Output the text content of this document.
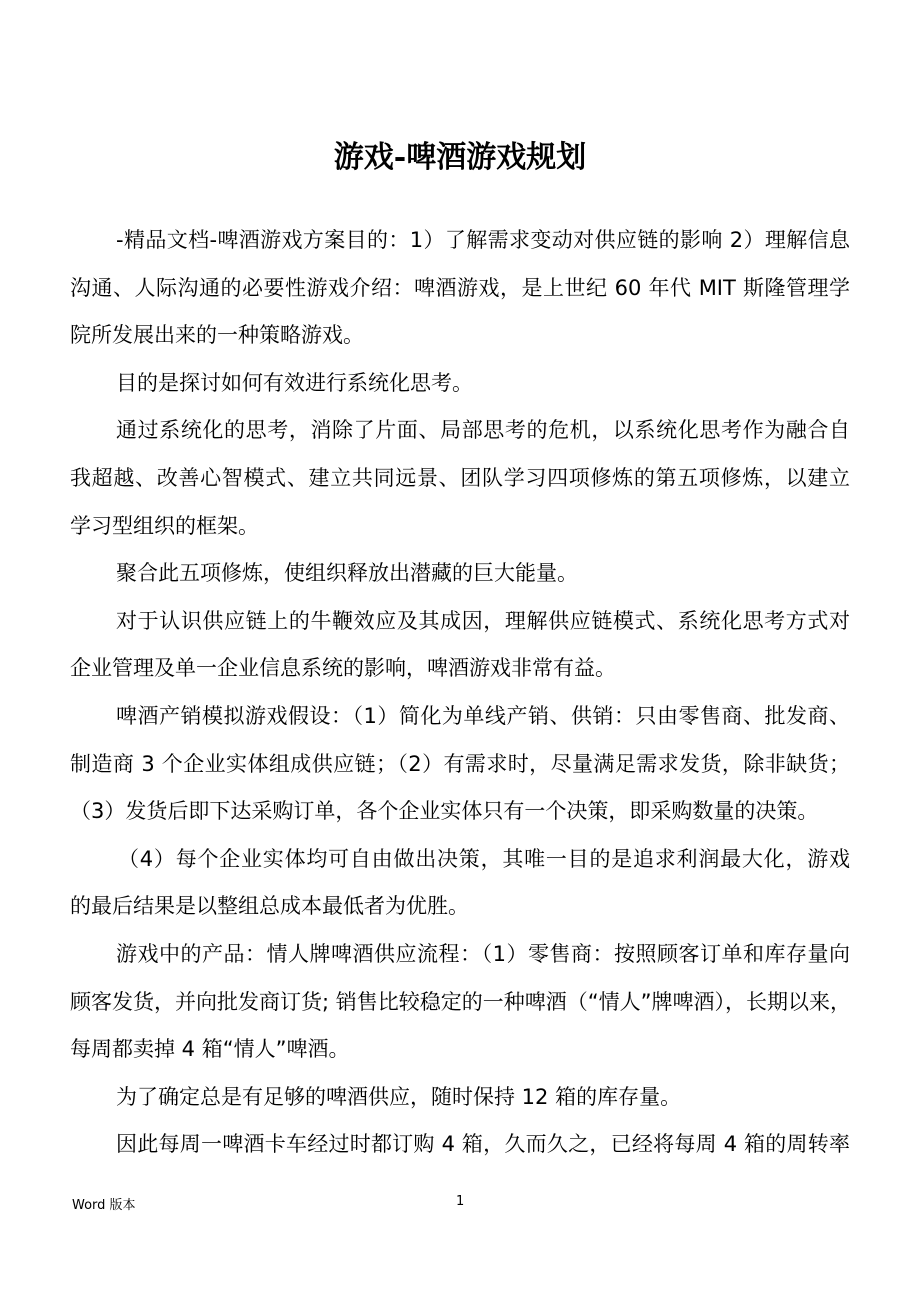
游戏-啤酒游戏规划
-精品文档-啤酒游戏方案目的：1）了解需求变动对供应链的影响 2）理解信息
沟通、人际沟通的必要性游戏介绍：啤酒游戏，是上世纪 60 年代 MIT 斯隆管理学
院所发展出来的一种策略游戏。
目的是探讨如何有效进行系统化思考。
通过系统化的思考，消除了片面、局部思考的危机，以系统化思考作为融合自
我超越、改善心智模式、建立共同远景、团队学习四项修炼的第五项修炼，以建立
学习型组织的框架。
聚合此五项修炼，使组织释放出潜藏的巨大能量。
对于认识供应链上的牛鞭效应及其成因，理解供应链模式、系统化思考方式对
企业管理及单一企业信息系统的影响，啤酒游戏非常有益。
啤酒产销模拟游戏假设：（1）简化为单线产销、供销：只由零售商、批发商、
制造商 3 个企业实体组成供应链；（2）有需求时，尽量满足需求发货，除非缺货；
（3）发货后即下达采购订单，各个企业实体只有一个决策，即采购数量的决策。
（4）每个企业实体均可自由做出决策，其唯一目的是追求利润最大化，游戏
的最后结果是以整组总成本最低者为优胜。
游戏中的产品：情人牌啤酒供应流程：（1）零售商：按照顾客订单和库存量向
顾客发货，并向批发商订货; 销售比较稳定的一种啤酒（“情人”牌啤酒），长期以来，
每周都卖掉 4 箱“情人”啤酒。
为了确定总是有足够的啤酒供应，随时保持 12 箱的库存量。
因此每周一啤酒卡车经过时都订购 4 箱，久而久之，已经将每周 4 箱的周转率
Word 版本	1
